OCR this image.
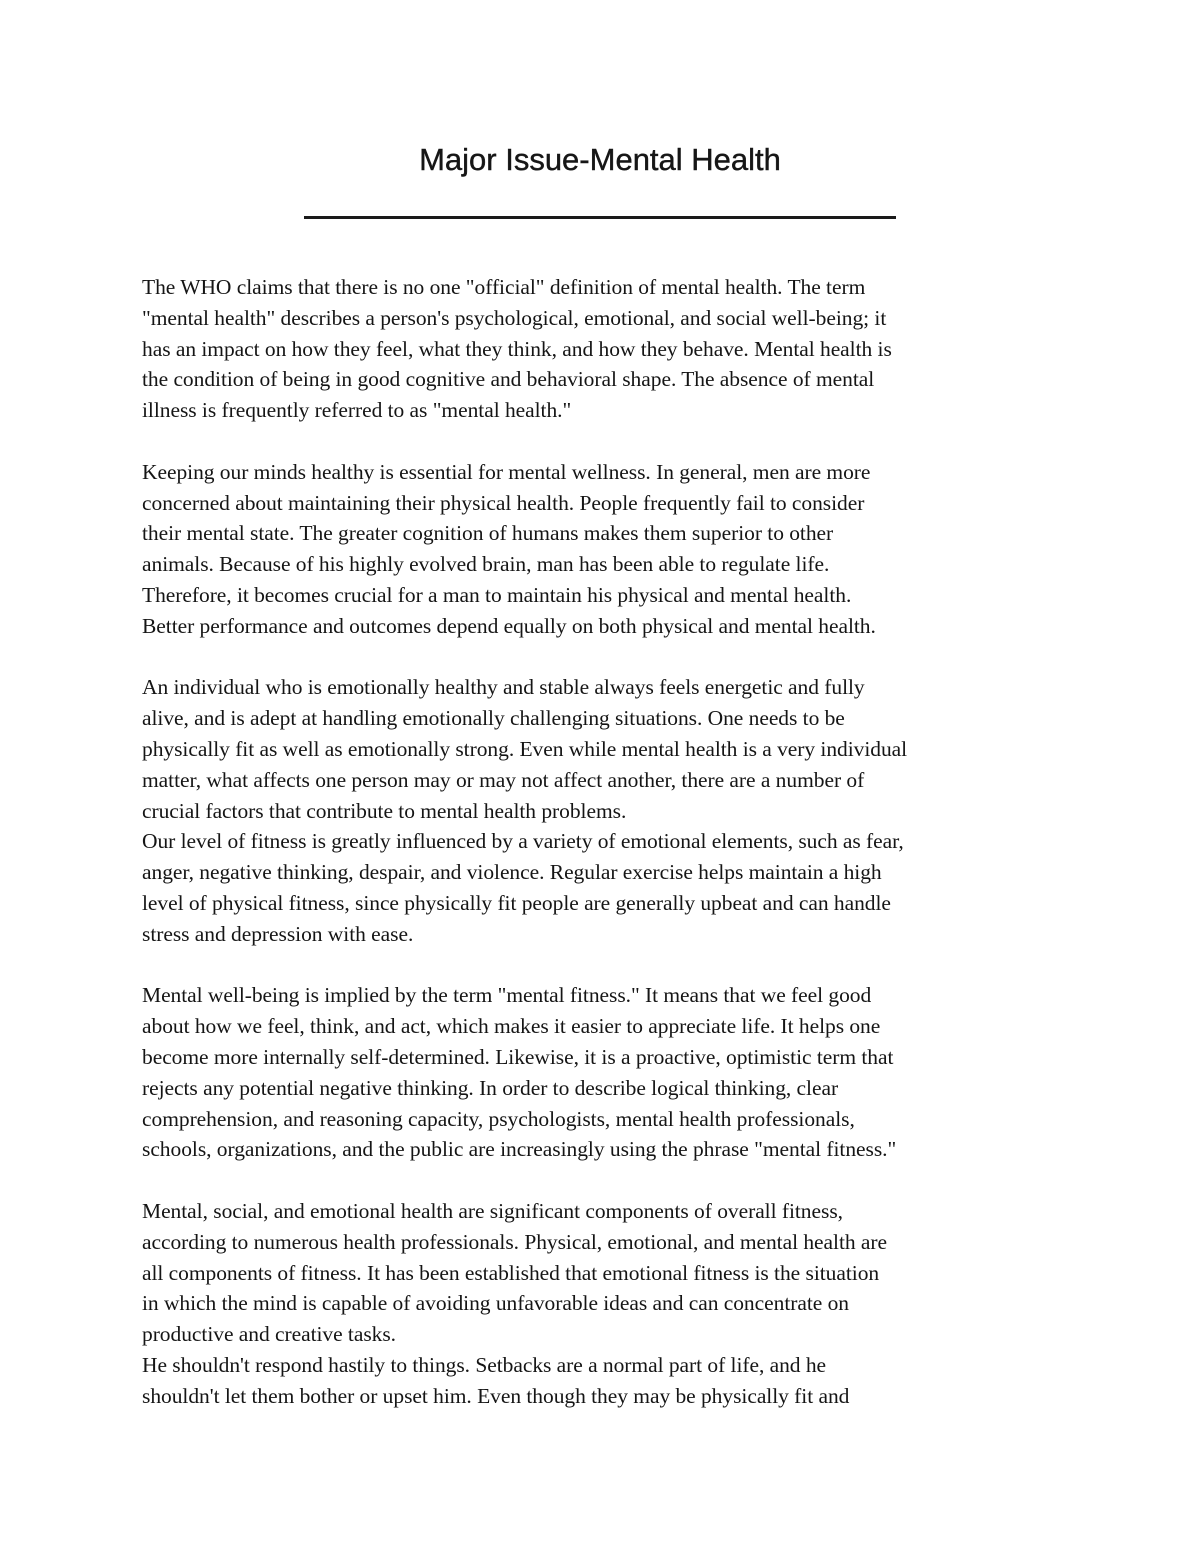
Major Issue-Mental Health

The WHO claims that there is no one "official" definition of mental health. The term
"mental health" describes a person's psychological, emotional, and social well-being; it
has an impact on how they feel, what they think, and how they behave. Mental health is
the condition of being in good cognitive and behavioral shape. The absence of mental
illness is frequently referred to as "mental health."

Keeping our minds healthy is essential for mental wellness. In general, men are more
concerned about maintaining their physical health. People frequently fail to consider
their mental state. The greater cognition of humans makes them superior to other
animals. Because of his highly evolved brain, man has been able to regulate life.
Therefore, it becomes crucial for a man to maintain his physical and mental health.
Better performance and outcomes depend equally on both physical and mental health.

An individual who is emotionally healthy and stable always feels energetic and fully
alive, and is adept at handling emotionally challenging situations. One needs to be
physically fit as well as emotionally strong. Even while mental health is a very individual
matter, what affects one person may or may not affect another, there are a number of
crucial factors that contribute to mental health problems.
Our level of fitness is greatly influenced by a variety of emotional elements, such as fear,
anger, negative thinking, despair, and violence. Regular exercise helps maintain a high
level of physical fitness, since physically fit people are generally upbeat and can handle
stress and depression with ease.

Mental well-being is implied by the term "mental fitness." It means that we feel good
about how we feel, think, and act, which makes it easier to appreciate life. It helps one
become more internally self-determined. Likewise, it is a proactive, optimistic term that
rejects any potential negative thinking. In order to describe logical thinking, clear
comprehension, and reasoning capacity, psychologists, mental health professionals,
schools, organizations, and the public are increasingly using the phrase "mental fitness."

Mental, social, and emotional health are significant components of overall fitness,
according to numerous health professionals. Physical, emotional, and mental health are
all components of fitness. It has been established that emotional fitness is the situation
in which the mind is capable of avoiding unfavorable ideas and can concentrate on
productive and creative tasks.
He shouldn't respond hastily to things. Setbacks are a normal part of life, and he
shouldn't let them bother or upset him. Even though they may be physically fit and
